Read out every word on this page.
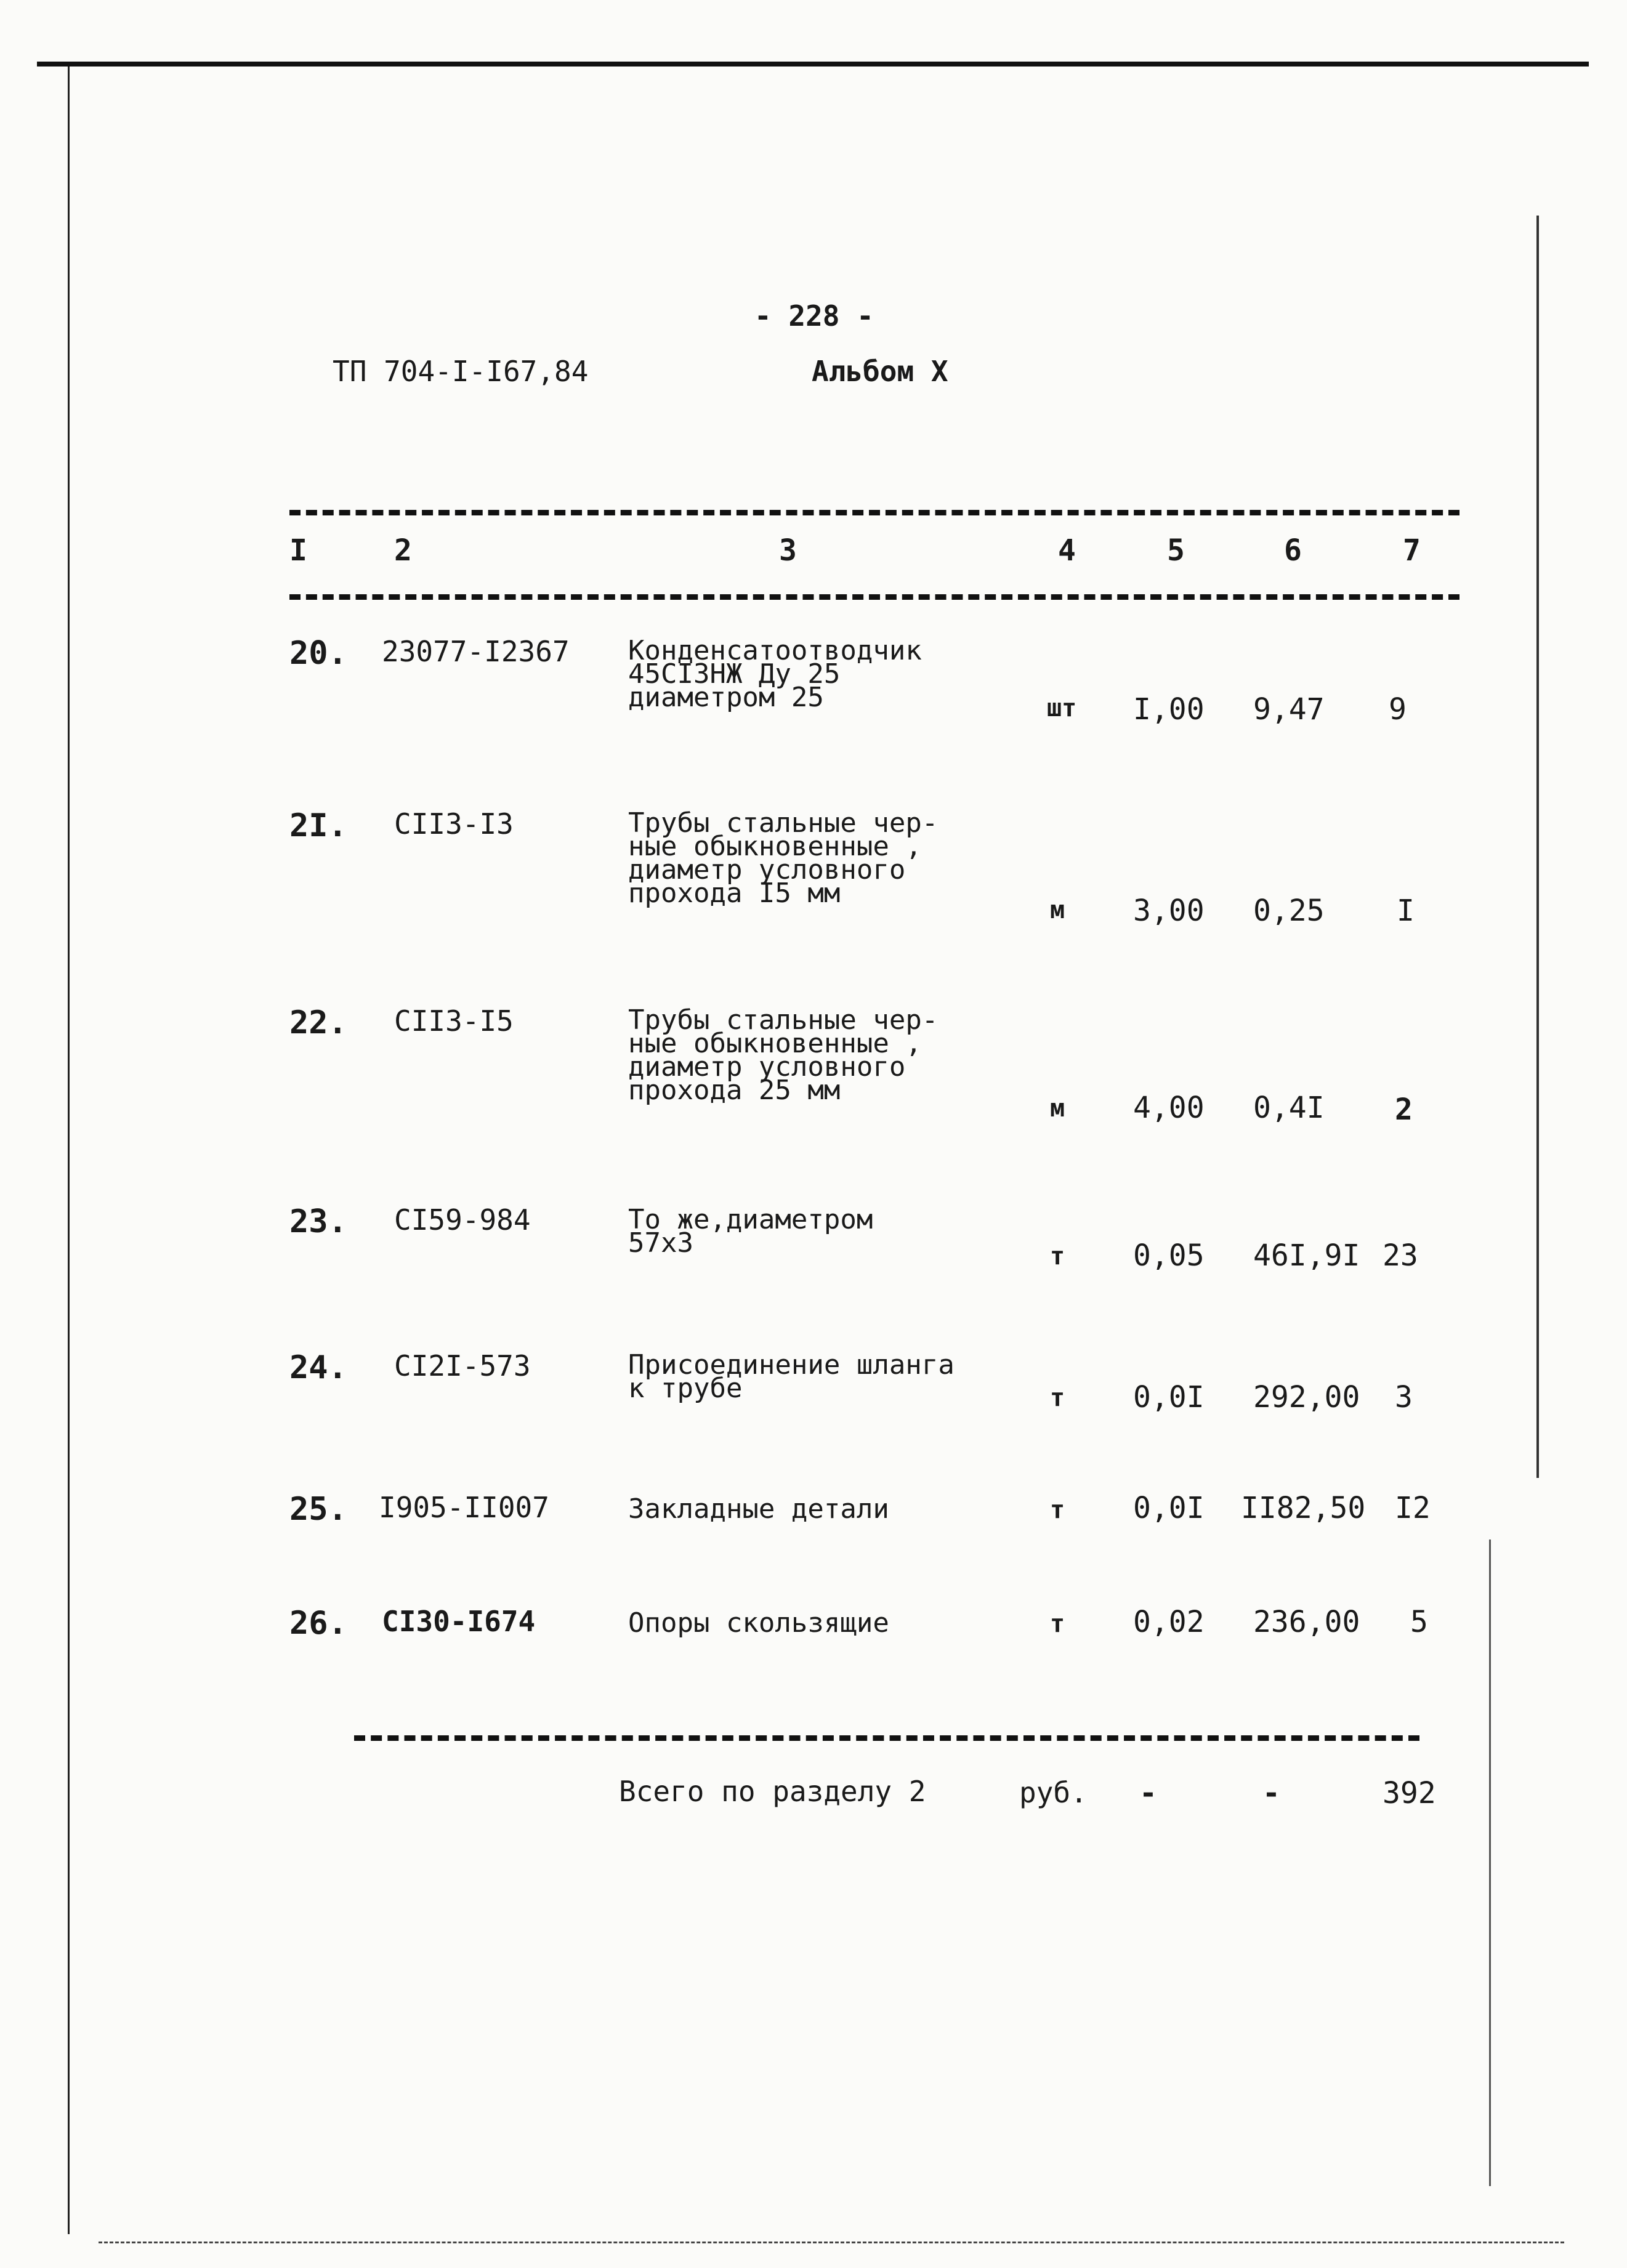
ТП 704-I-I67,84
- 228 -
Альбом X
I	2	3	4	5	6	7
20. 23077-I2367 Конденсатоотводчик
45СI3НЖ Ду 25
диаметром 25	шт I,00 9,47 9
2I. СII3-I3	Трубы стальные чер-
ные обыкновенные ,
диаметр условного
прохода I5 мм
м 3,00 0,25 I
22. СII3-I5	Трубы стальные чер-
ные обыкновенные ,
диаметр условного
прохода 25 мм
м 4,00 0,4I 2
23. СI59-984	То же,диаметром
57х3	т 0,05 46I,9I 23
24. СI2I-573	Присоединение шланга
к трубе	т 0,0I 292,00 3
25. I905-II007	Закладные детали	т 0,0I II82,50 I2
26. СI30-I674	Опоры скользящие	т 0,02 236,00 5
Всего по разделу 2	руб. -	-	392
